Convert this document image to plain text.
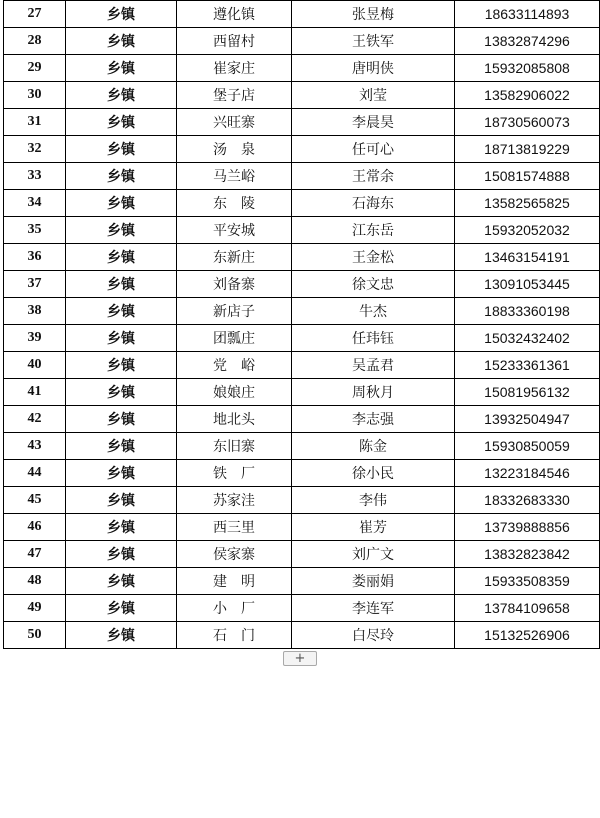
27	乡镇	遵化镇	张昱梅	18633114893
28	乡镇	西留村	王铁军	13832874296
29	乡镇	崔家庄	唐明侠	15932085808
30	乡镇	堡子店	刘莹	13582906022
31	乡镇	兴旺寨	李晨昊	18730560073
32	乡镇	汤　泉	任可心	18713819229
33	乡镇	马兰峪	王常余	15081574888
34	乡镇	东　陵	石海东	13582565825
35	乡镇	平安城	江东岳	15932052032
36	乡镇	东新庄	王金松	13463154191
37	乡镇	刘备寨	徐文忠	13091053445
38	乡镇	新店子	牛杰	18833360198
39	乡镇	团瓢庄	任玮钰	15032432402
40	乡镇	党　峪	吴孟君	15233361361
41	乡镇	娘娘庄	周秋月	15081956132
42	乡镇	地北头	李志强	13932504947
43	乡镇	东旧寨	陈金	15930850059
44	乡镇	铁　厂	徐小民	13223184546
45	乡镇	苏家洼	李伟	18332683330
46	乡镇	西三里	崔芳	13739888856
47	乡镇	侯家寨	刘广文	13832823842
48	乡镇	建　明	娄丽娟	15933508359
49	乡镇	小　厂	李连军	13784109658
50	乡镇	石　门	白尽玲	15132526906
+
